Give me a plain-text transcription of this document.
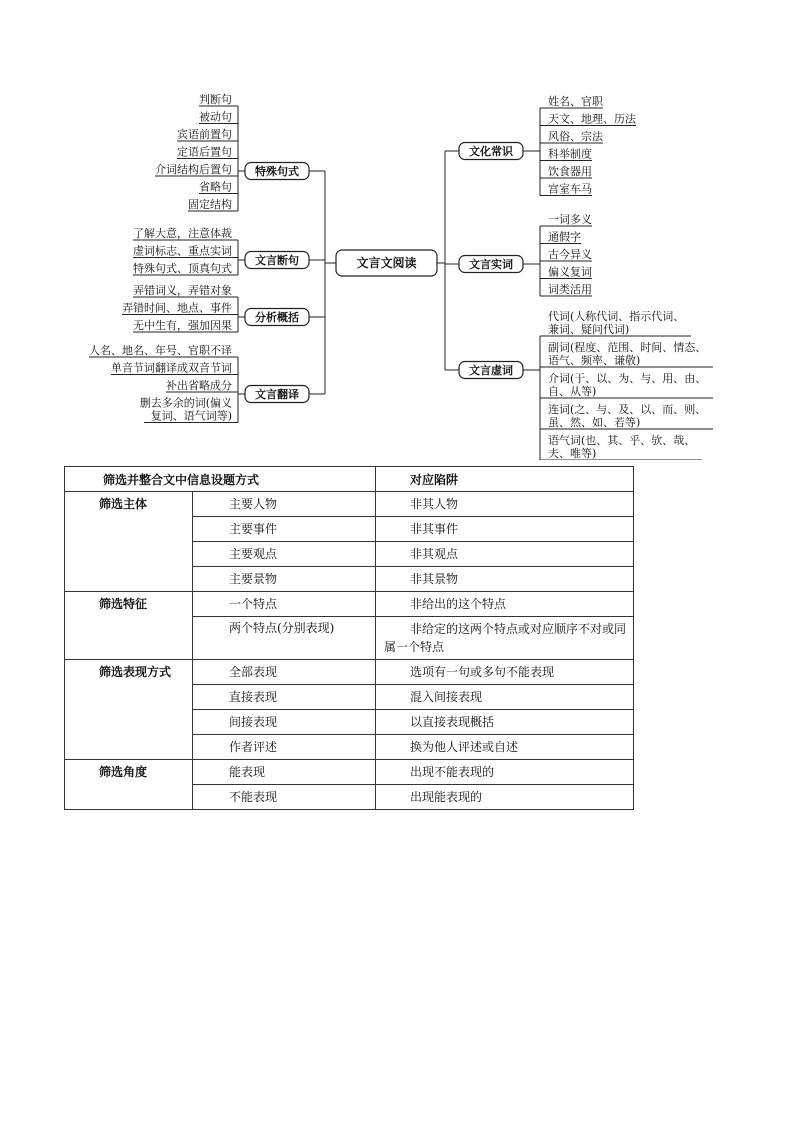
判断句
被动句
宾语前置句
定语后置句
介词结构后置句
省略句
固定结构
特殊句式
了解大意，注意体裁
虚词标志、重点实词
特殊句式、顶真句式
文言断句
弄错词义，弄错对象
弄错时间、地点、事件
无中生有，强加因果
分析概括
人名、地名、年号、官职不译
单音节词翻译成双音节词
补出省略成分
删去多余的词(偏义
复词、语气词等)
文言翻译
文言文阅读
姓名、官职
天文、地理、历法
风俗、宗法
科举制度
饮食器用
宫室车马
文化常识
一词多义
通假字
古今异义
偏义复词
词类活用
文言实词
代词(人称代词、指示代词、
兼词、疑问代词)
副词(程度、范围、时间、情态、
语气、频率、谦敬)
介词(于、以、为、与、用、由、
自、从等)
连词(之、与、及、以、而、则、
虽、然、如、若等)
语气词(也、其、乎、欤、哉、
夫、唯等)
文言虚词
筛选并整合文中信息设题方式		对应陷阱
筛选主体	主要人物	非其人物
	主要事件	非其事件
	主要观点	非其观点
	主要景物	非其景物
筛选特征	一个特点	非给出的这个特点
	两个特点(分别表现)	非给定的这两个特点或对应顺序不对或同属一个特点
筛选表现方式	全部表现	选项有一句或多句不能表现
	直接表现	混入间接表现
	间接表现	以直接表现概括
	作者评述	换为他人评述或自述
筛选角度	能表现	出现不能表现的
	不能表现	出现能表现的
